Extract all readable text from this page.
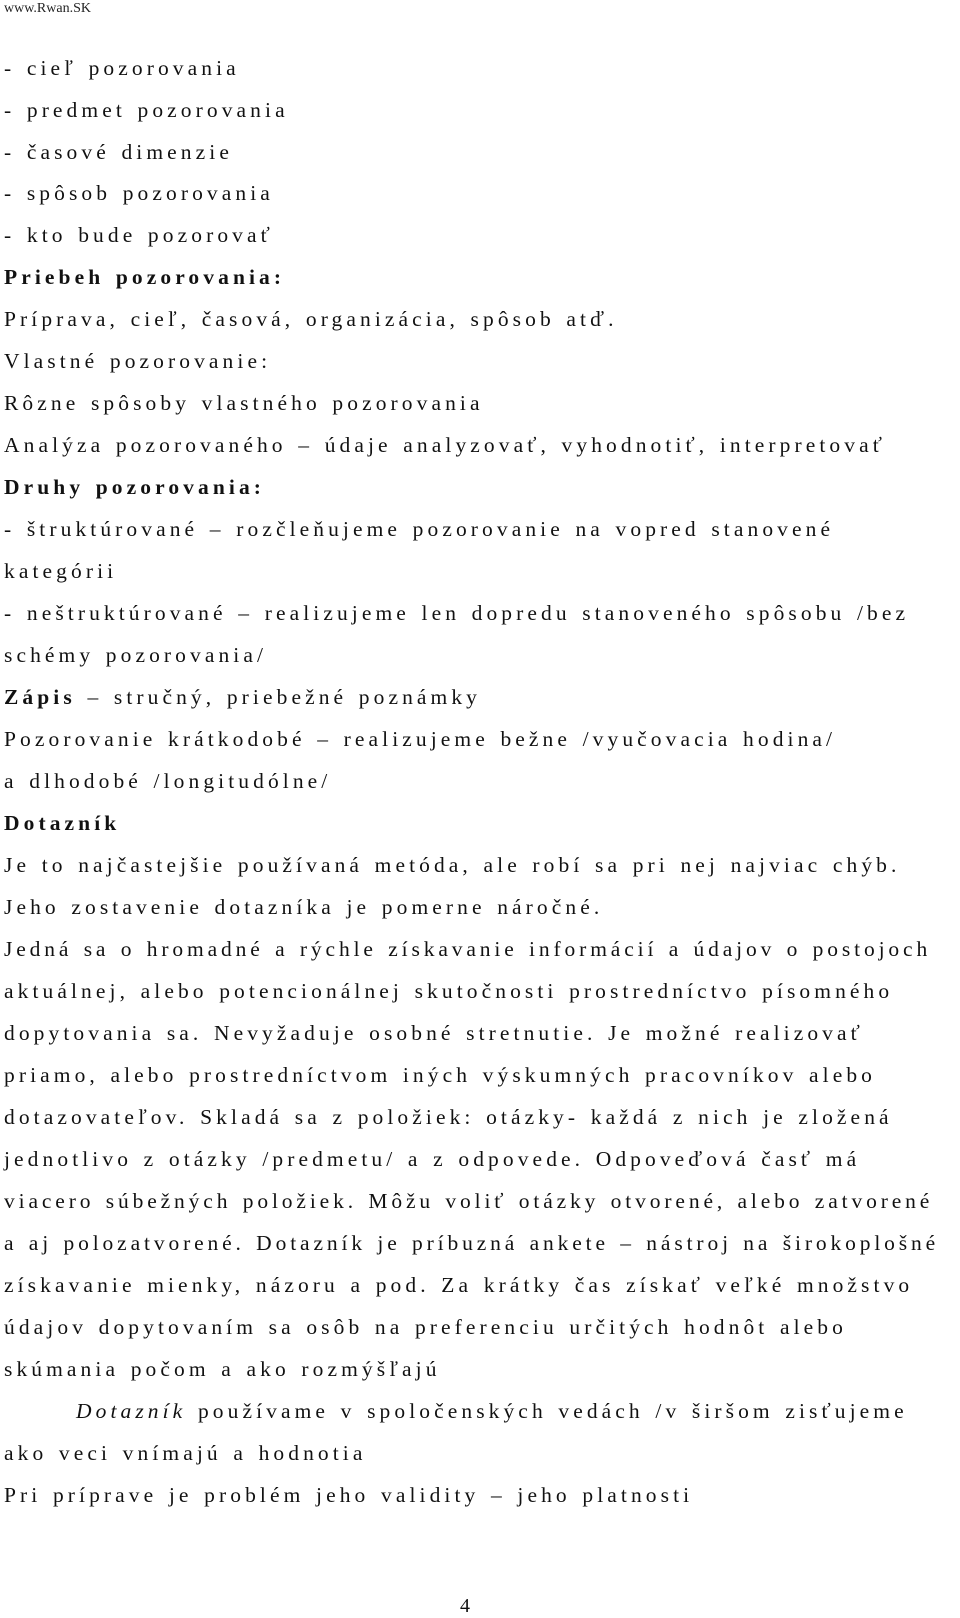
www.Rwan.SK
- cieľ pozorovania
- predmet pozorovania
- časové dimenzie
- spôsob pozorovania
- kto bude pozorovať
Priebeh pozorovania:
Príprava, cieľ, časová, organizácia, spôsob atď.
Vlastné pozorovanie:
Rôzne spôsoby vlastného pozorovania
Analýza pozorovaného – údaje analyzovať, vyhodnotiť, interpretovať
Druhy pozorovania:
- štruktúrované – rozčleňujeme pozorovanie na vopred stanovené
kategórii
- neštruktúrované – realizujeme len dopredu stanoveného spôsobu /bez
schémy pozorovania/
Zápis – stručný, priebežné poznámky
Pozorovanie krátkodobé – realizujeme bežne /vyučovacia hodina/
a dlhodobé /longitudólne/
Dotazník
Je to najčastejšie používaná metóda, ale robí sa pri nej najviac chýb.
Jeho zostavenie dotazníka je pomerne náročné.
Jedná sa o hromadné a rýchle získavanie informácií a údajov o postojoch
aktuálnej, alebo potencionálnej skutočnosti prostredníctvo písomného
dopytovania sa. Nevyžaduje osobné stretnutie. Je možné realizovať
priamo, alebo prostredníctvom iných výskumných pracovníkov alebo
dotazovateľov. Skladá sa z položiek: otázky- každá z nich je zložená
jednotlivo z otázky /predmetu/ a z odpovede. Odpoveďová časť má
viacero súbežných položiek. Môžu voliť otázky otvorené, alebo zatvorené
a aj polozatvorené. Dotazník je príbuzná ankete – nástroj na širokoplošné
získavanie mienky, názoru a pod. Za krátky čas získať veľké množstvo
údajov dopytovaním sa osôb na preferenciu určitých hodnôt alebo
skúmania počom a ako rozmýšľajú
Dotazník používame v spoločenských vedách /v širšom zisťujeme
ako veci vnímajú a hodnotia
Pri príprave je problém jeho validity – jeho platnosti
4
